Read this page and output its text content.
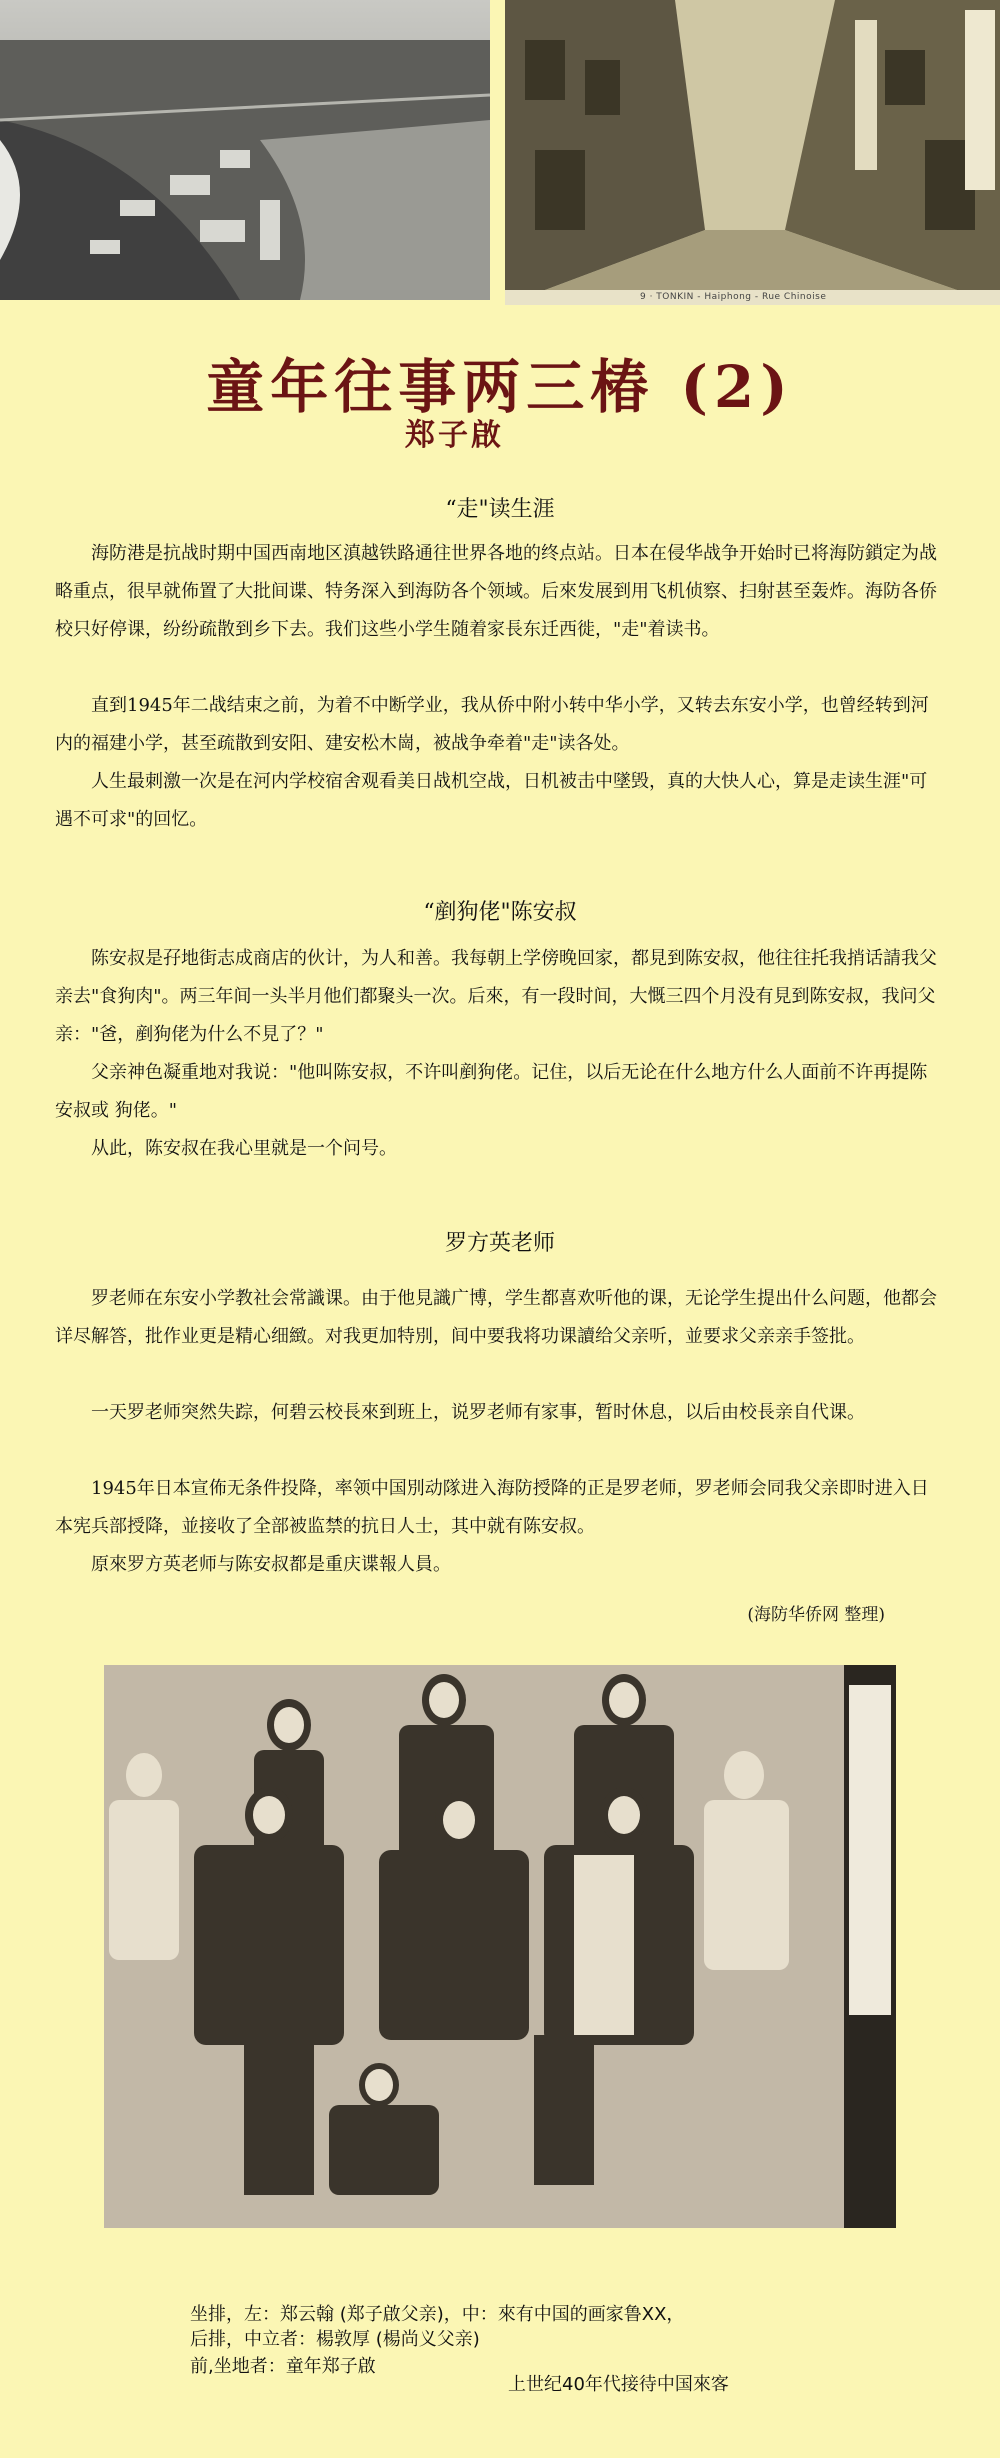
9 · TONKIN - Haiphong - Rue Chinoise
童年往事两三椿 (2)
郑子啟
“走"读生涯
海防港是抗战时期中国西南地区滇越铁路通往世界各地的终点站。日本在侵华战争开始时已将海防鎖定为战略重点，很早就佈置了大批间谍、特务深入到海防各个领域。后來发展到用飞机侦察、扫射甚至轰炸。海防各侨校只好停课，纷纷疏散到乡下去。我们这些小学生随着家長东迁西徙，"走"着读书。
直到1945年二战结束之前，为着不中断学业，我从侨中附小转中华小学，又转去东安小学，也曾经转到河内的福建小学，甚至疏散到安阳、建安松木崗，被战争牵着"走"读各处。
人生最刺激一次是在河内学校宿舍观看美日战机空战，日机被击中墜毁，真的大快人心，算是走读生涯"可遇不可求"的回忆。
“剷狗佬"陈安叔
陈安叔是孖地街志成商店的伙计，为人和善。我每朝上学傍晚回家，都見到陈安叔，他往往托我捎话請我父亲去"食狗肉"。两三年间一头半月他们都聚头一次。后來，有一段时间，大慨三四个月没有見到陈安叔，我问父亲："爸，剷狗佬为什么不見了？"
父亲神色凝重地对我说："他叫陈安叔，不许叫剷狗佬。记住，以后无论在什么地方什么人面前不许再提陈安叔或 狗佬。"
从此，陈安叔在我心里就是一个问号。
罗方英老师
罗老师在东安小学教社会常識课。由于他見識广博，学生都喜欢听他的课，无论学生提出什么问题，他都会详尽解答，批作业更是精心细緻。对我更加特別，间中要我将功课讀给父亲听，並要求父亲亲手签批。
一天罗老师突然失踪，何碧云校長來到班上，说罗老师有家事，暂时休息，以后由校長亲自代课。
1945年日本宣佈无条件投降，率领中国別动隊进入海防授降的正是罗老师，罗老师会同我父亲即时进入日本宪兵部授降，並接收了全部被监禁的抗日人士，其中就有陈安叔。
原來罗方英老师与陈安叔都是重庆谍報人員。
(海防华侨网 整理)
坐排，左：郑云翰 (郑子啟父亲)，中：來有中国的画家鲁XX，
后排，中立者：楊敦厚 (楊尚义父亲)
前,坐地者：童年郑子啟
上世纪40年代接待中国來客
